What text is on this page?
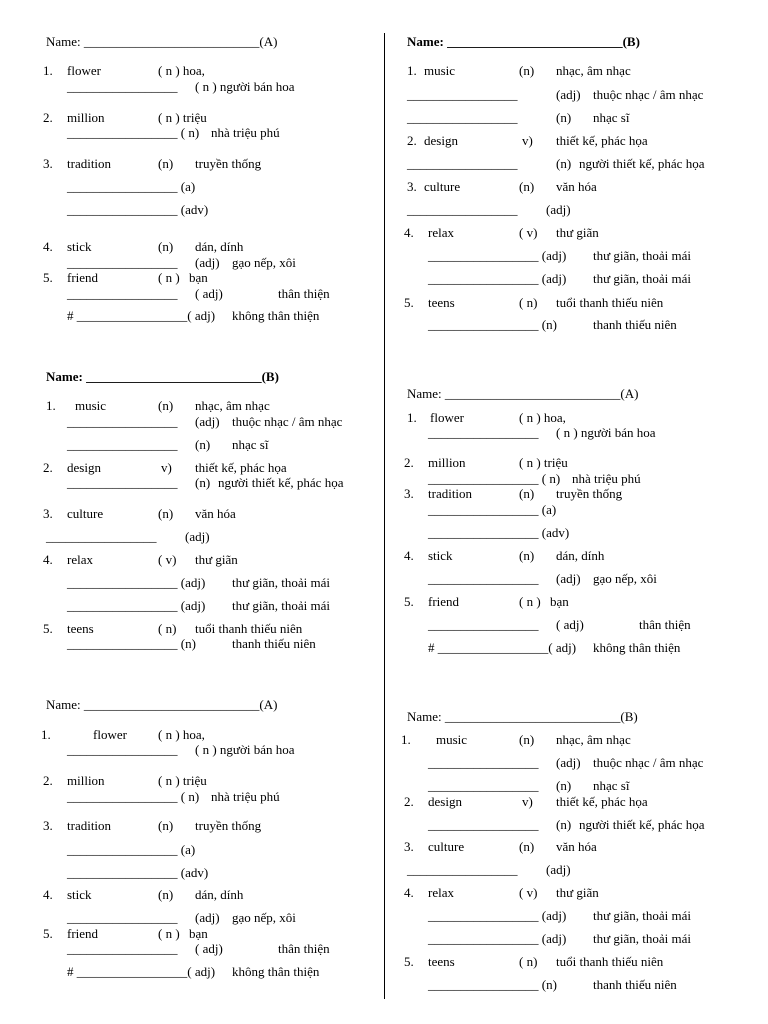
Name: ___________________________(A)
1. flower	( n ) hoa,
_________________ ( n ) người bán hoa
2. million	( n ) triệu
_________________ ( n) nhà triệu phú
3. tradition	(n) truyền thống
_________________ (a)
_________________ (adv)
4. stick	(n) dán, dính
_________________ (adj) gạo nếp, xôi
5. friend	( n ) bạn
_________________ ( adj)	thân thiện
# _________________( adj) không thân thiện
Name: ___________________________(B)
1. music	(n) nhạc, âm nhạc
_________________	(adj) thuộc nhạc / âm nhạc
_________________	(n) nhạc sĩ
2. design	v) thiết kế, phác họa
_________________	(n) người thiết kế, phác họa
3. culture	(n) văn hóa
_________________ (adj)
4. relax	( v) thư giãn
_________________ (adj) thư giãn, thoải mái
_________________ (adj) thư giãn, thoải mái
5. teens	( n) tuổi thanh thiếu niên
_________________ (n)	thanh thiếu niên
Name: ___________________________(B)
1. music	(n) nhạc, âm nhạc
_________________ (adj) thuộc nhạc / âm nhạc
_________________ (n) nhạc sĩ
2. design	v) thiết kế, phác họa
_________________ (n) người thiết kế, phác họa
3. culture	(n) văn hóa
_________________ (adj)
4. relax	( v) thư giãn
_________________ (adj) thư giãn, thoải mái
_________________ (adj) thư giãn, thoải mái
5. teens	( n) tuổi thanh thiếu niên
_________________ (n)	thanh thiếu niên
Name: ___________________________(A)
1. flower	( n ) hoa,
_________________ ( n ) người bán hoa
2. million	( n ) triệu
_________________ ( n) nhà triệu phú
3. tradition	(n) truyền thống
_________________ (a)
_________________ (adv)
4. stick	(n) dán, dính
_________________ (adj) gạo nếp, xôi
5. friend	( n ) bạn
_________________ ( adj)	thân thiện
# _________________( adj) không thân thiện
Name: ___________________________(A)
1.	flower ( n ) hoa,
_________________ ( n ) người bán hoa
2. million	( n ) triệu
_________________ ( n) nhà triệu phú
3. tradition	(n) truyền thống
_________________ (a)
_________________ (adv)
4. stick	(n) dán, dính
_________________ (adj) gạo nếp, xôi
5. friend	( n ) bạn
_________________ ( adj)	thân thiện
# _________________( adj) không thân thiện
Name: ___________________________(B)
1. music	(n) nhạc, âm nhạc
_________________ (adj) thuộc nhạc / âm nhạc
_________________ (n) nhạc sĩ
2. design	v) thiết kế, phác họa
_________________ (n) người thiết kế, phác họa
3. culture	(n) văn hóa
_________________ (adj)
4. relax	( v) thư giãn
_________________ (adj) thư giãn, thoải mái
_________________ (adj) thư giãn, thoải mái
5. teens	( n) tuổi thanh thiếu niên
_________________ (n)	thanh thiếu niên
